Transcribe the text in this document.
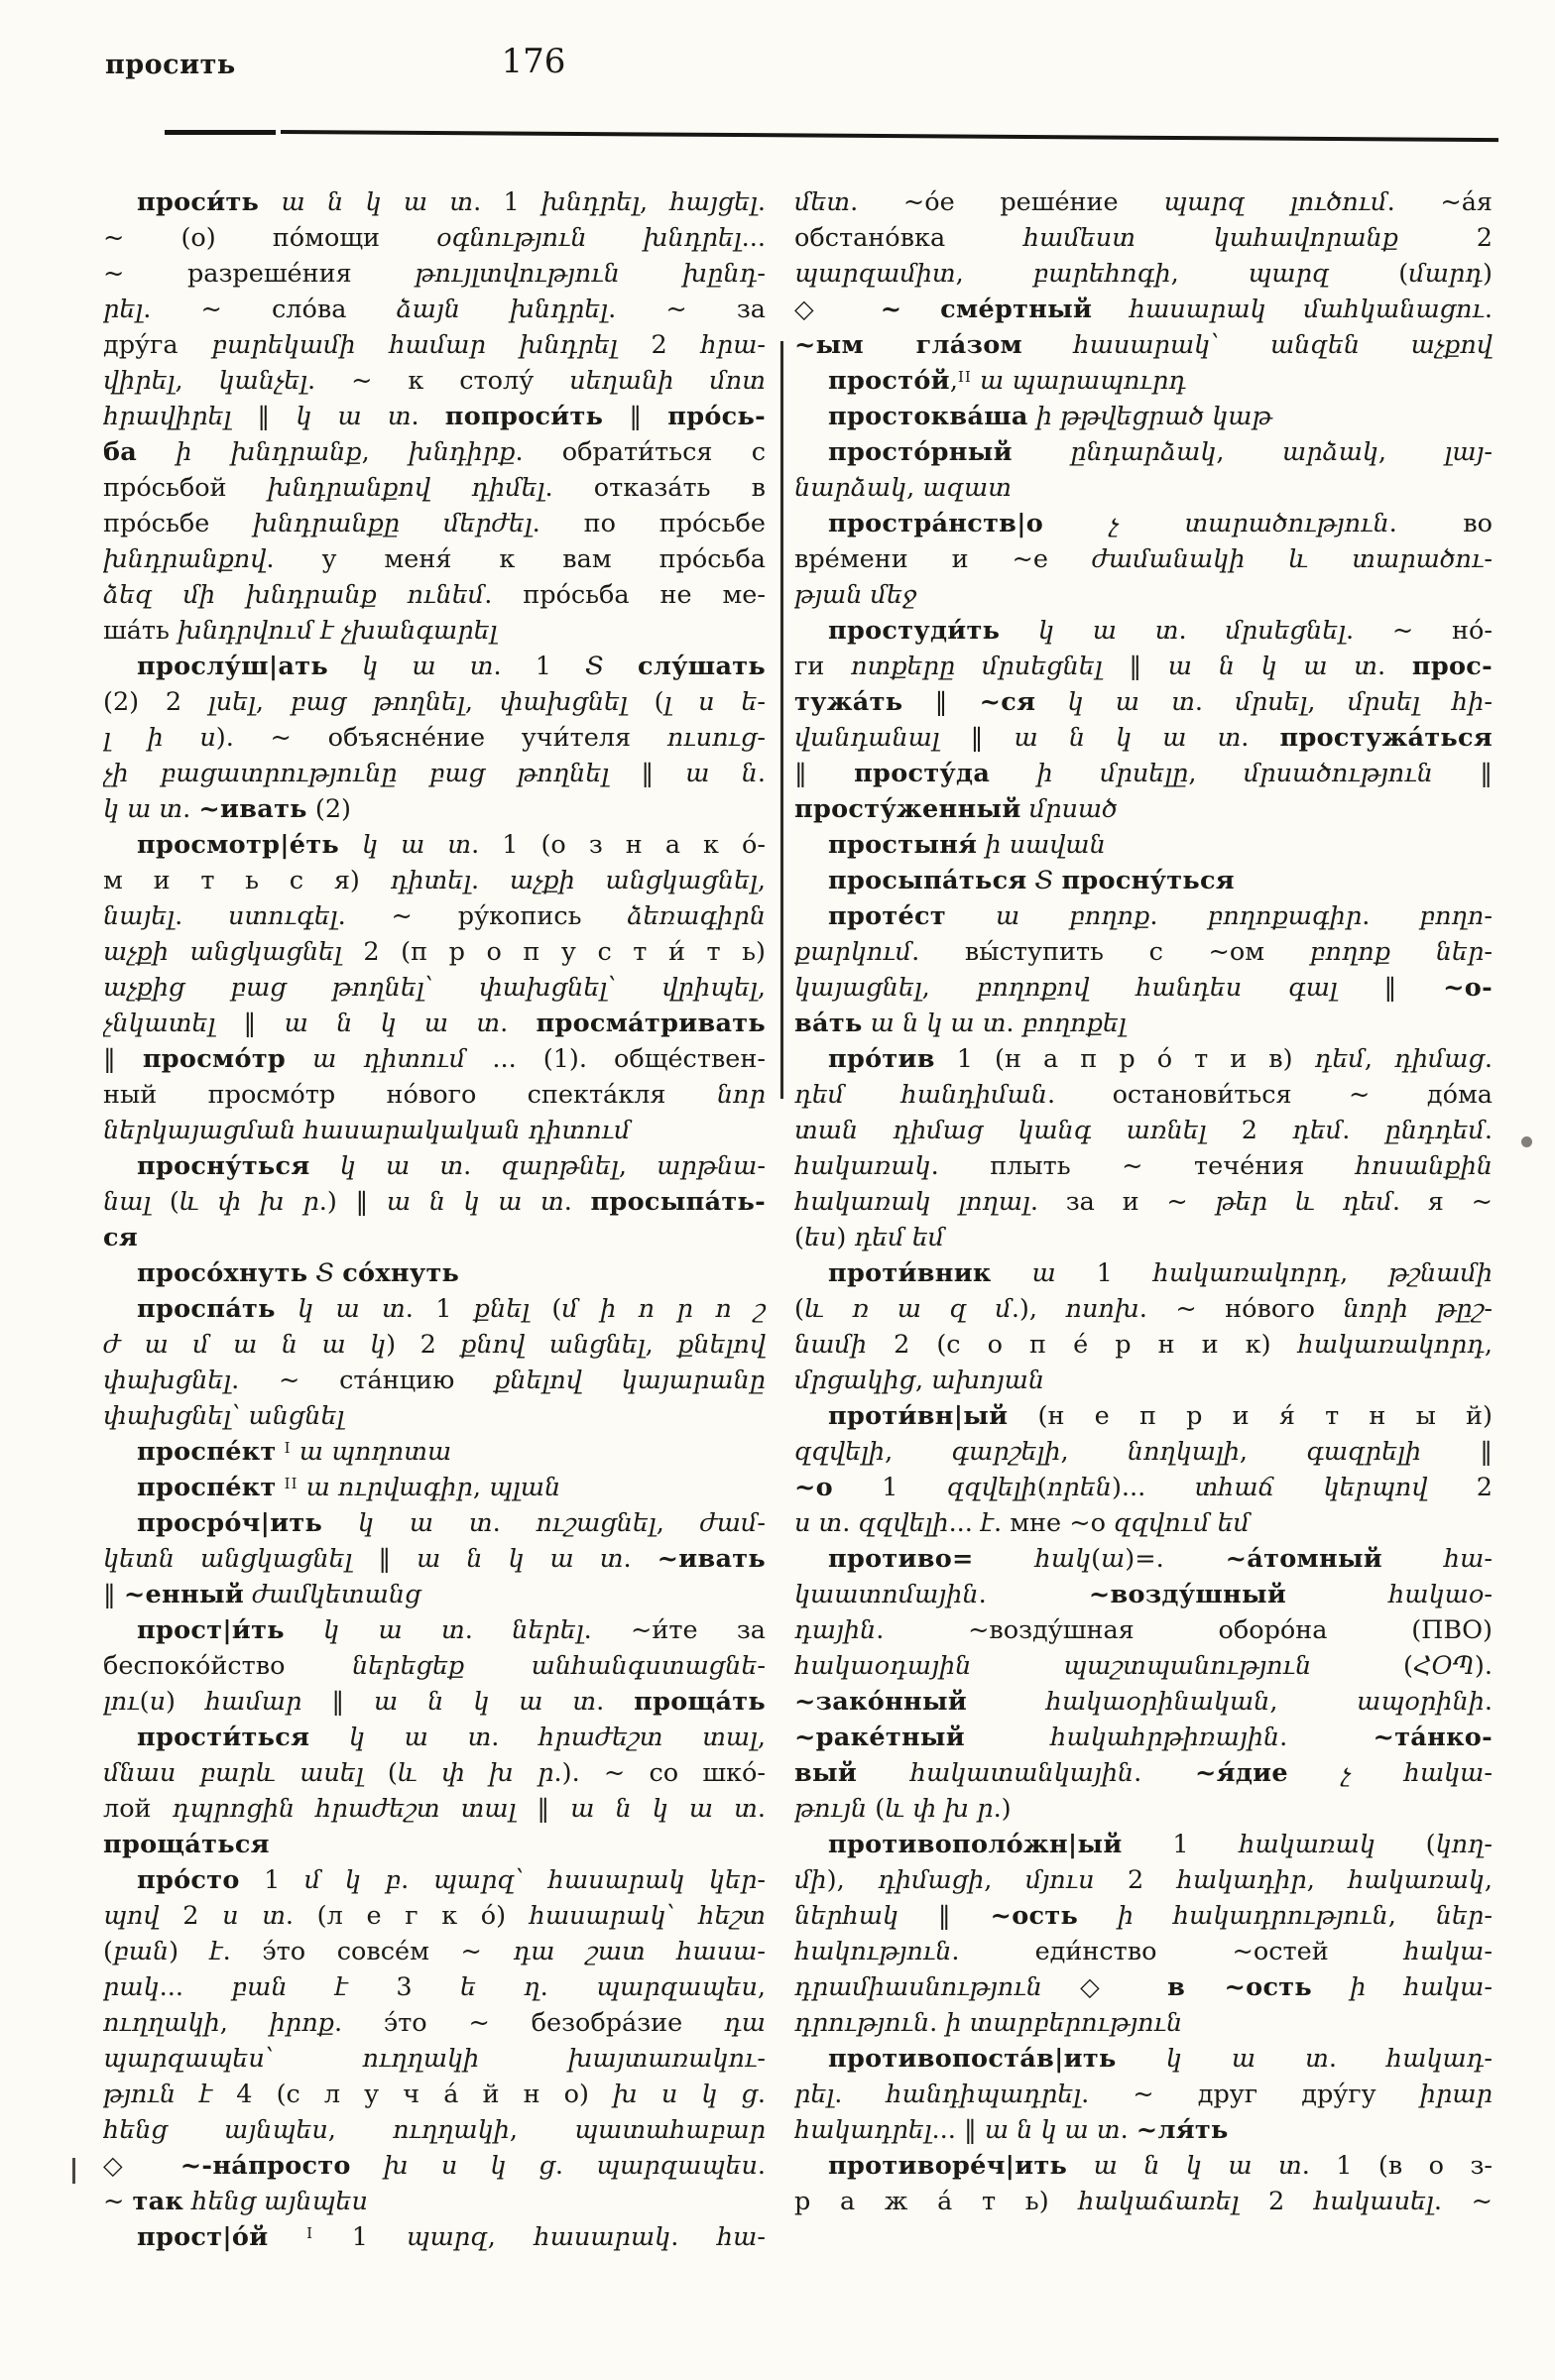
просить	176
проси́ть ա ն կ ա տ. 1 խնդրել, հայցել.
~ (о) по́мощи օգնություն խնդրել...
~ разреше́ния թույլտվություն խընդ-
րել. ~ сло́ва ձայն խնդրել. ~ за
дру́га բարեկամի համար խնդրել 2 հրա-
վիրել, կանչել. ~ к столу́ սեղանի մոտ
հրավիրել ‖ կ ա տ. попроси́ть ‖ про́сь-
ба ի խնդրանք, խնդիրք. обрати́ться с
про́сьбой խնդրանքով դիմել. отказа́ть в
про́сьбе խնդրանքը մերժել. по про́сьбе
խնդրանքով. у меня́ к вам про́сьба
ձեզ մի խնդրանք ունեմ. про́сьба не ме-
ша́ть խնդրվում է չխանգարել
прослу́ш|ать կ ա տ. 1 Տ слу́шать
(2) 2 լսել, բաց թողնել, փախցնել (լ ս ե-
լ ի ս). ~ объясне́ние учи́теля ուսուց-
չի բացատրությունը բաց թողնել ‖ ա ն.
կ ա տ. ~ивать (2)
просмотр|е́ть կ ա տ. 1 (о з н а к о́-
м и т ь с я) դիտել. աչքի անցկացնել,
նայել. ստուգել. ~ ру́копись ձեռագիրն
աչքի անցկացնել 2 (п р о п у с т и́ т ь)
աչքից բաց թողնել՝ փախցնել՝ վրիպել,
չնկատել ‖ ա ն կ ա տ. просма́тривать
‖ просмо́тр ա դիտում ... (1). обще́ствен-
ный просмо́тр но́вого спекта́кля նոր
ներկայացման հասարակական դիտում
просну́ться կ ա տ. զարթնել, արթնա-
նալ (և փ խ ր.) ‖ ա ն կ ա տ. просыпа́ть-
ся
просо́хнуть Տ со́хнуть
проспа́ть կ ա տ. 1 քնել (մ ի ո ր ո շ
ժ ա մ ա ն ա կ) 2 քնով անցնել, քնելով
փախցնել. ~ ста́нцию քնելով կայարանը
փախցնել՝ անցնել
проспе́кт $^I$ ա պողոտա
проспе́кт $^{II}$ ա ուրվագիր, պլան
просро́ч|ить կ ա տ. ուշացնել, ժամ-
կետն անցկացնել ‖ ա ն կ ա տ. ~ивать
‖ ~енный ժամկետանց
прост|и́ть կ ա տ. ներել. ~и́те за
беспоко́йство ներեցեք անհանգստացնե-
լու(ս) համար ‖ ա ն կ ա տ. проща́ть
прости́ться կ ա տ. հրաժեշտ տալ,
մնաս բարև ասել (և փ խ ր.). ~ со шко́-
лой դպրոցին հրաժեշտ տալ ‖ ա ն կ ա տ.
проща́ться
про́сто 1 մ կ բ. պարզ՝ հասարակ կեր-
պով 2 ս տ. (л е г к о́) հասարակ՝ հեշտ
(բան) է. э́то совсе́м ~ դա շատ հասա-
րակ... բան է 3 ե ղ. պարզապես,
ուղղակի, իրոք. э́то ~ безобра́зие դա
պարզապես՝ ուղղակի խայտառակու-
թյուն է 4 (с л у ч а́ й н о) խ ս կ ց.
հենց այնպես, ուղղակի, պատահաբար
◇ ~-на́просто խ ս կ ց. պարզապես.
~ так հենց այնպես
прост|о́й	$^I$ 1 պարզ, հասարակ. հա-
մետ. ~о́е реше́ние պարզ լուծում. ~а́я
обстано́вка համեստ կահավորանք 2
պարզամիտ, բարեհոգի, պարզ (մարդ)
◇ ~ сме́ртный հասարակ մահկանացու.
~ым гла́зом հասարակ՝ անզեն աչքով
просто́й,$^{II}$ ա պարապուրդ
простоква́ша ի թթվեցրած կաթ
просто́рный ընդարձակ, արձակ, լայ-
նարձակ, ազատ
простра́нств|о	չ տարածություն. во
вре́мени и ~е ժամանակի և տարածու-
թյան մեջ
простуди́ть կ ա տ. մրսեցնել. ~ но́-
ги ոտքերը մրսեցնել ‖ ա ն կ ա տ. прос-
тужа́ть ‖ ~ся կ ա տ. մրսել, մրսել հի-
վանդանալ ‖ ա ն կ ա տ. простужа́ться
‖ просту́да ի մրսելը, մրսածություն ‖
просту́женный մրսած
простыня́ ի սավան
просыпа́ться Տ просну́ться
проте́ст ա բողոք. բողոքագիր. բողո-
քարկում. вы́ступить с ~ом բողոք ներ-
կայացնել, բողոքով հանդես գալ ‖ ~о-
ва́ть ա ն կ ա տ. բողոքել
про́тив 1 (н а п р о́ т и в) դեմ, դիմաց.
դեմ հանդիման. останови́ться ~ до́ма
տան դիմաց կանգ առնել 2 դեմ. ընդդեմ.
հակառակ. плыть ~ тече́ния հոսանքին
հակառակ լողալ. за и ~ թեր և դեմ. я ~
(ես) դեմ եմ
проти́вник ա 1 հակառակորդ, թշնամի
(և ռ ա զ մ.), ոսոխ. ~ но́вого նորի թըշ-
նամի 2 (с о п е́ р н и к) հակառակորդ,
մրցակից, ախոյան
проти́вн|ый (н е п р и я́ т н ы й)
զզվելի, գարշելի, նողկալի, գազրելի ‖
~о 1 զզվելի(որեն)... տհաճ կերպով 2
ս տ. զզվելի... է. мне ~о զզվում եմ
противо= հակ(ա)=. ~а́томный հա-
կաատոմային. ~возду́шный	հակաօ-
դային. ~возду́шная оборо́на (ПВО)
հակաօդային պաշտպանություն (ՀՕՊ).
~зако́нный	հակաօրինական, ապօրինի.
~раке́тный	հակահրթիռային. ~та́нко-
вый հակատանկային. ~я́дие չ հակա-
թույն (և փ խ ր.)
противополо́жн|ый 1 հակառակ (կող-
մի), դիմացի, մյուս 2 հակադիր, հակառակ,
ներհակ ‖ ~ость ի հակադրություն, ներ-
հակություն. еди́нство ~остей հակա-
դրամիասնություն ◇ в ~ость ի հակա-
դրություն. ի տարբերություն
противопоста́в|ить կ ա տ. հակադ-
րել. հանդիպադրել. ~ друг дру́гу իրար
հակադրել... ‖ ա ն կ ա տ. ~ля́ть
противоре́ч|ить ա ն կ ա տ. 1 (в о з-
р а ж а́ т ь) հակաճառել 2 հակասել. ~
